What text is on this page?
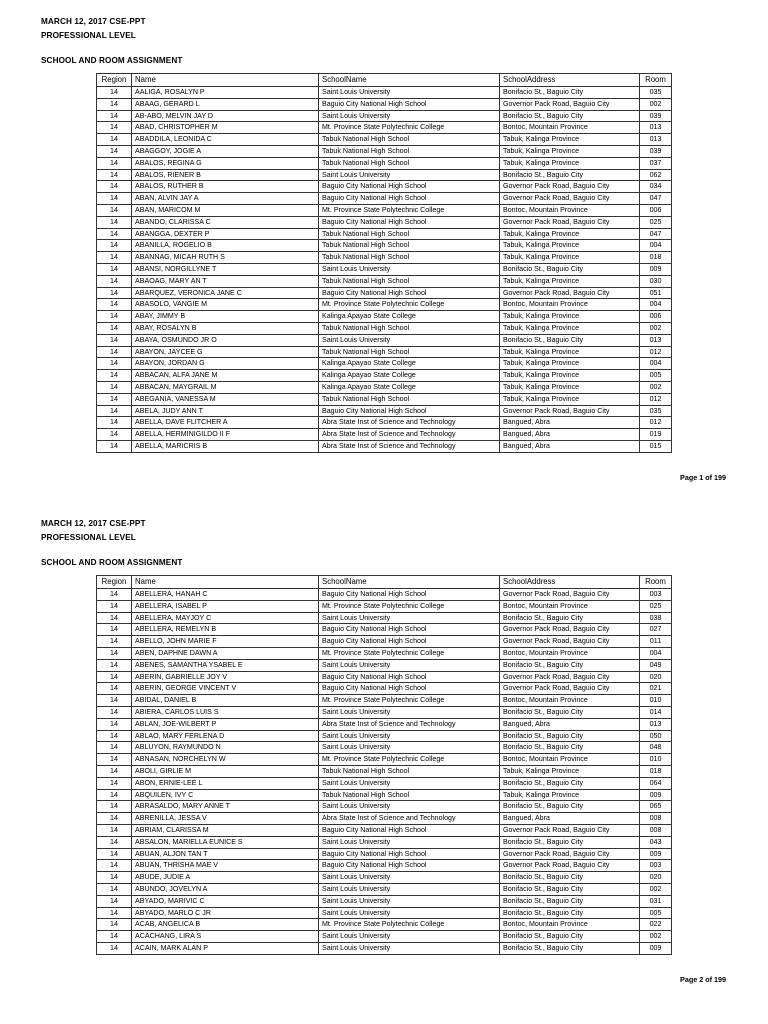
MARCH 12, 2017 CSE-PPT
PROFESSIONAL LEVEL
SCHOOL AND ROOM ASSIGNMENT
Region	Name	SchoolName	SchoolAddress	Room
14	AALIGA, ROSALYN P	Saint Louis University	Bonifacio St., Baguio City	035
14	ABAAG, GERARD L	Baguio City National High School	Governor Pack Road, Baguio City	002
14	AB-ABO, MELVIN JAY D	Saint Louis University	Bonifacio St., Baguio City	039
14	ABAD, CHRISTOPHER M	Mt. Province State Polytechnic College	Bontoc, Mountain Province	013
14	ABADDILA, LEONIDA C	Tabuk National High School	Tabuk, Kalinga Province	013
14	ABAGGOY, JOGIE A	Tabuk National High School	Tabuk, Kalinga Province	039
14	ABALOS, REGINA G	Tabuk National High School	Tabuk, Kalinga Province	037
14	ABALOS, RIENER B	Saint Louis University	Bonifacio St., Baguio City	062
14	ABALOS, RUTHER B	Baguio City National High School	Governor Pack Road, Baguio City	034
14	ABAN, ALVIN JAY A	Baguio City National High School	Governor Pack Road, Baguio City	047
14	ABAN, MARICOM M	Mt. Province State Polytechnic College	Bontoc, Mountain Province	006
14	ABANDO, CLARISSA C	Baguio City National High School	Governor Pack Road, Baguio City	025
14	ABANGGA, DEXTER P	Tabuk National High School	Tabuk, Kalinga Province	047
14	ABANILLA, ROGELIO B	Tabuk National High School	Tabuk, Kalinga Province	004
14	ABANNAG, MICAH RUTH S	Tabuk National High School	Tabuk, Kalinga Province	018
14	ABANSI, NORGILLYNE T	Saint Louis University	Bonifacio St., Baguio City	009
14	ABAOAG, MARY AN T	Tabuk National High School	Tabuk, Kalinga Province	030
14	ABARQUEZ, VERONICA JANE C	Baguio City National High School	Governor Pack Road, Baguio City	051
14	ABASOLO, VANGIE M	Mt. Province State Polytechnic College	Bontoc, Mountain Province	004
14	ABAY, JIMMY B	Kalinga Apayao State College	Tabuk, Kalinga Province	006
14	ABAY, ROSALYN B	Tabuk National High School	Tabuk, Kalinga Province	002
14	ABAYA, OSMUNDO JR O	Saint Louis University	Bonifacio St., Baguio City	013
14	ABAYON, JAYCEE G	Tabuk National High School	Tabuk, Kalinga Province	012
14	ABAYON, JORDAN G	Kalinga Apayao State College	Tabuk, Kalinga Province	004
14	ABBACAN, ALFA JANE M	Kalinga Apayao State College	Tabuk, Kalinga Province	005
14	ABBACAN, MAYGRAIL M	Kalinga Apayao State College	Tabuk, Kalinga Province	002
14	ABEGANIA, VANESSA M	Tabuk National High School	Tabuk, Kalinga Province	012
14	ABELA, JUDY ANN T	Baguio City National High School	Governor Pack Road, Baguio City	035
14	ABELLA, DAVE FLITCHER A	Abra State Inst of Science and Technology	Bangued, Abra	012
14	ABELLA, HERMINIGILDO II F	Abra State Inst of Science and Technology	Bangued, Abra	019
14	ABELLA, MARICRIS B	Abra State Inst of Science and Technology	Bangued, Abra	015
Page 1 of 199
MARCH 12, 2017 CSE-PPT
PROFESSIONAL LEVEL
SCHOOL AND ROOM ASSIGNMENT
Region	Name	SchoolName	SchoolAddress	Room
14	ABELLERA, HANAH C	Baguio City National High School	Governor Pack Road, Baguio City	003
14	ABELLERA, ISABEL P	Mt. Province State Polytechnic College	Bontoc, Mountain Province	025
14	ABELLERA, MAYJOY C	Saint Louis University	Bonifacio St., Baguio City	038
14	ABELLERA, REMELYN B	Baguio City National High School	Governor Pack Road, Baguio City	027
14	ABELLO, JOHN MARIE F	Baguio City National High School	Governor Pack Road, Baguio City	011
14	ABEN, DAPHNE DAWN A	Mt. Province State Polytechnic College	Bontoc, Mountain Province	004
14	ABENES, SAMANTHA YSABEL E	Saint Louis University	Bonifacio St., Baguio City	049
14	ABERIN, GABRIELLE JOY V	Baguio City National High School	Governor Pack Road, Baguio City	020
14	ABERIN, GEORGE VINCENT V	Baguio City National High School	Governor Pack Road, Baguio City	021
14	ABIDAL, DANIEL B	Mt. Province State Polytechnic College	Bontoc, Mountain Province	010
14	ABIERA, CARLOS LUIS S	Saint Louis University	Bonifacio St., Baguio City	014
14	ABLAN, JOE-WILBERT P	Abra State Inst of Science and Technology	Bangued, Abra	013
14	ABLAO, MARY FERLENA D	Saint Louis University	Bonifacio St., Baguio City	050
14	ABLUYON, RAYMUNDO N	Saint Louis University	Bonifacio St., Baguio City	048
14	ABNASAN, NORCHELYN W	Mt. Province State Polytechnic College	Bontoc, Mountain Province	010
14	ABOLI, GIRLIE M	Tabuk National High School	Tabuk, Kalinga Province	018
14	ABON, ERNIE-LEE L	Saint Louis University	Bonifacio St., Baguio City	064
14	ABQUILEN, IVY C	Tabuk National High School	Tabuk, Kalinga Province	009
14	ABRASALDO, MARY ANNE T	Saint Louis University	Bonifacio St., Baguio City	065
14	ABRENILLA, JESSA V	Abra State Inst of Science and Technology	Bangued, Abra	008
14	ABRIAM, CLARISSA M	Baguio City National High School	Governor Pack Road, Baguio City	008
14	ABSALON, MARIELLA EUNICE S	Saint Louis University	Bonifacio St., Baguio City	043
14	ABUAN, ALJON TAN T	Baguio City National High School	Governor Pack Road, Baguio City	009
14	ABUAN, THRISHA MAE V	Baguio City National High School	Governor Pack Road, Baguio City	003
14	ABUDE, JUDIE A	Saint Louis University	Bonifacio St., Baguio City	020
14	ABUNDO, JOVELYN A	Saint Louis University	Bonifacio St., Baguio City	002
14	ABYADO, MARIVIC C	Saint Louis University	Bonifacio St., Baguio City	031
14	ABYADO, MARLO C JR	Saint Louis University	Bonifacio St., Baguio City	005
14	ACAB, ANGELICA B	Mt. Province State Polytechnic College	Bontoc, Mountain Province	022
14	ACACHANG, LIRA S	Saint Louis University	Bonifacio St., Baguio City	002
14	ACAIN, MARK ALAN P	Saint Louis University	Bonifacio St., Baguio City	009
Page 2 of 199
